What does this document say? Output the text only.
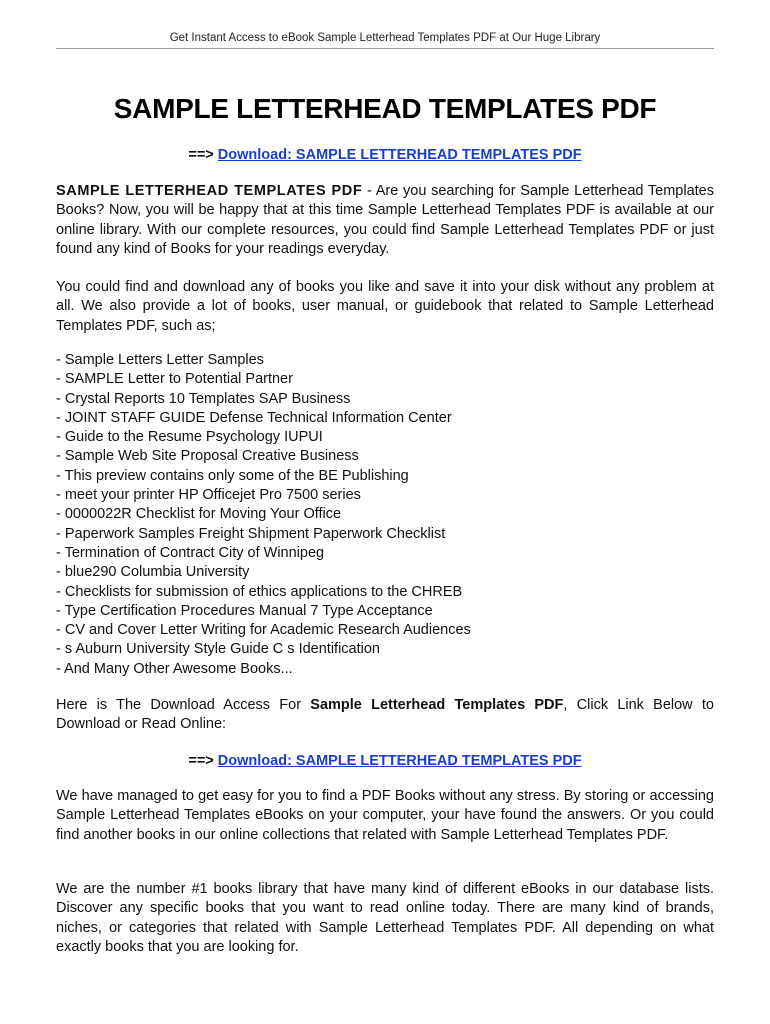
Get Instant Access to eBook Sample Letterhead Templates PDF at Our Huge Library
SAMPLE LETTERHEAD TEMPLATES PDF
==> Download: SAMPLE LETTERHEAD TEMPLATES PDF

SAMPLE LETTERHEAD TEMPLATES PDF - Are you searching for Sample Letterhead Templates Books? Now, you will be happy that at this time Sample Letterhead Templates PDF is available at our online library. With our complete resources, you could find Sample Letterhead Templates PDF or just found any kind of Books for your readings everyday.

You could find and download any of books you like and save it into your disk without any problem at all. We also provide a lot of books, user manual, or guidebook that related to Sample Letterhead Templates PDF, such as;

- Sample Letters Letter Samples
- SAMPLE Letter to Potential Partner
- Crystal Reports 10 Templates SAP Business
- JOINT STAFF GUIDE Defense Technical Information Center
- Guide to the Resume Psychology IUPUI
- Sample Web Site Proposal Creative Business
- This preview contains only some of the BE Publishing
- meet your printer HP Officejet Pro 7500 series
- 0000022R Checklist for Moving Your Office
- Paperwork Samples Freight Shipment Paperwork Checklist
- Termination of Contract City of Winnipeg
- blue290 Columbia University
- Checklists for submission of ethics applications to the CHREB
- Type Certification Procedures Manual 7 Type Acceptance
- CV and Cover Letter Writing for Academic Research Audiences
- s Auburn University Style Guide C s Identification
- And Many Other Awesome Books...

Here is The Download Access For Sample Letterhead Templates PDF, Click Link Below to Download or Read Online:

==> Download: SAMPLE LETTERHEAD TEMPLATES PDF

We have managed to get easy for you to find a PDF Books without any stress. By storing or accessing Sample Letterhead Templates eBooks on your computer, your have found the answers. Or you could find another books in our online collections that related with Sample Letterhead Templates PDF.

We are the number #1 books library that have many kind of different eBooks in our database lists. Discover any specific books that you want to read online today. There are many kind of brands, niches, or categories that related with Sample Letterhead Templates PDF. All depending on what exactly books that you are looking for.
